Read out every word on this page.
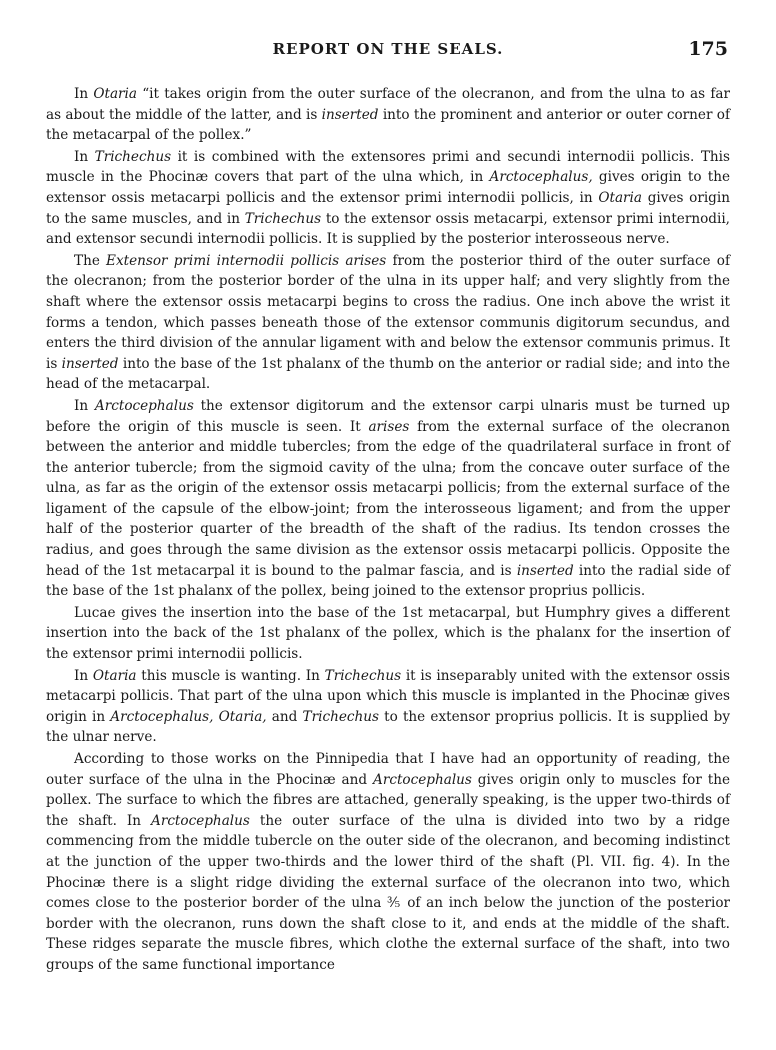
REPORT ON THE SEALS.	175

In Otaria “it takes origin from the outer surface of the olecranon, and from the ulna to as far as about the middle of the latter, and is inserted into the prominent and anterior or outer corner of the metacarpal of the pollex.”

In Trichechus it is combined with the extensores primi and secundi internodii pollicis. This muscle in the Phocinæ covers that part of the ulna which, in Arctocephalus, gives origin to the extensor ossis metacarpi pollicis and the extensor primi internodii pollicis, in Otaria gives origin to the same muscles, and in Trichechus to the extensor ossis metacarpi, extensor primi internodii, and extensor secundi internodii pollicis. It is supplied by the posterior interosseous nerve.

The Extensor primi internodii pollicis arises from the posterior third of the outer surface of the olecranon; from the posterior border of the ulna in its upper half; and very slightly from the shaft where the extensor ossis metacarpi begins to cross the radius. One inch above the wrist it forms a tendon, which passes beneath those of the extensor communis digitorum secundus, and enters the third division of the annular ligament with and below the extensor communis primus. It is inserted into the base of the 1st phalanx of the thumb on the anterior or radial side; and into the head of the metacarpal.

In Arctocephalus the extensor digitorum and the extensor carpi ulnaris must be turned up before the origin of this muscle is seen. It arises from the external surface of the olecranon between the anterior and middle tubercles; from the edge of the quadrilateral surface in front of the anterior tubercle; from the sigmoid cavity of the ulna; from the concave outer surface of the ulna, as far as the origin of the extensor ossis metacarpi pollicis; from the external surface of the ligament of the capsule of the elbow-joint; from the interosseous ligament; and from the upper half of the posterior quarter of the breadth of the shaft of the radius. Its tendon crosses the radius, and goes through the same division as the extensor ossis metacarpi pollicis. Opposite the head of the 1st metacarpal it is bound to the palmar fascia, and is inserted into the radial side of the base of the 1st phalanx of the pollex, being joined to the extensor proprius pollicis.

Lucae gives the insertion into the base of the 1st metacarpal, but Humphry gives a different insertion into the back of the 1st phalanx of the pollex, which is the phalanx for the insertion of the extensor primi internodii pollicis.

In Otaria this muscle is wanting. In Trichechus it is inseparably united with the extensor ossis metacarpi pollicis. That part of the ulna upon which this muscle is implanted in the Phocinæ gives origin in Arctocephalus, Otaria, and Trichechus to the extensor proprius pollicis. It is supplied by the ulnar nerve.

According to those works on the Pinnipedia that I have had an opportunity of reading, the outer surface of the ulna in the Phocinæ and Arctocephalus gives origin only to muscles for the pollex. The surface to which the fibres are attached, generally speaking, is the upper two-thirds of the shaft. In Arctocephalus the outer surface of the ulna is divided into two by a ridge commencing from the middle tubercle on the outer side of the olecranon, and becoming indistinct at the junction of the upper two-thirds and the lower third of the shaft (Pl. VII. fig. 4). In the Phocinæ there is a slight ridge dividing the external surface of the olecranon into two, which comes close to the posterior border of the ulna ⅗ of an inch below the junction of the posterior border with the olecranon, runs down the shaft close to it, and ends at the middle of the shaft. These ridges separate the muscle fibres, which clothe the external surface of the shaft, into two groups of the same functional importance
